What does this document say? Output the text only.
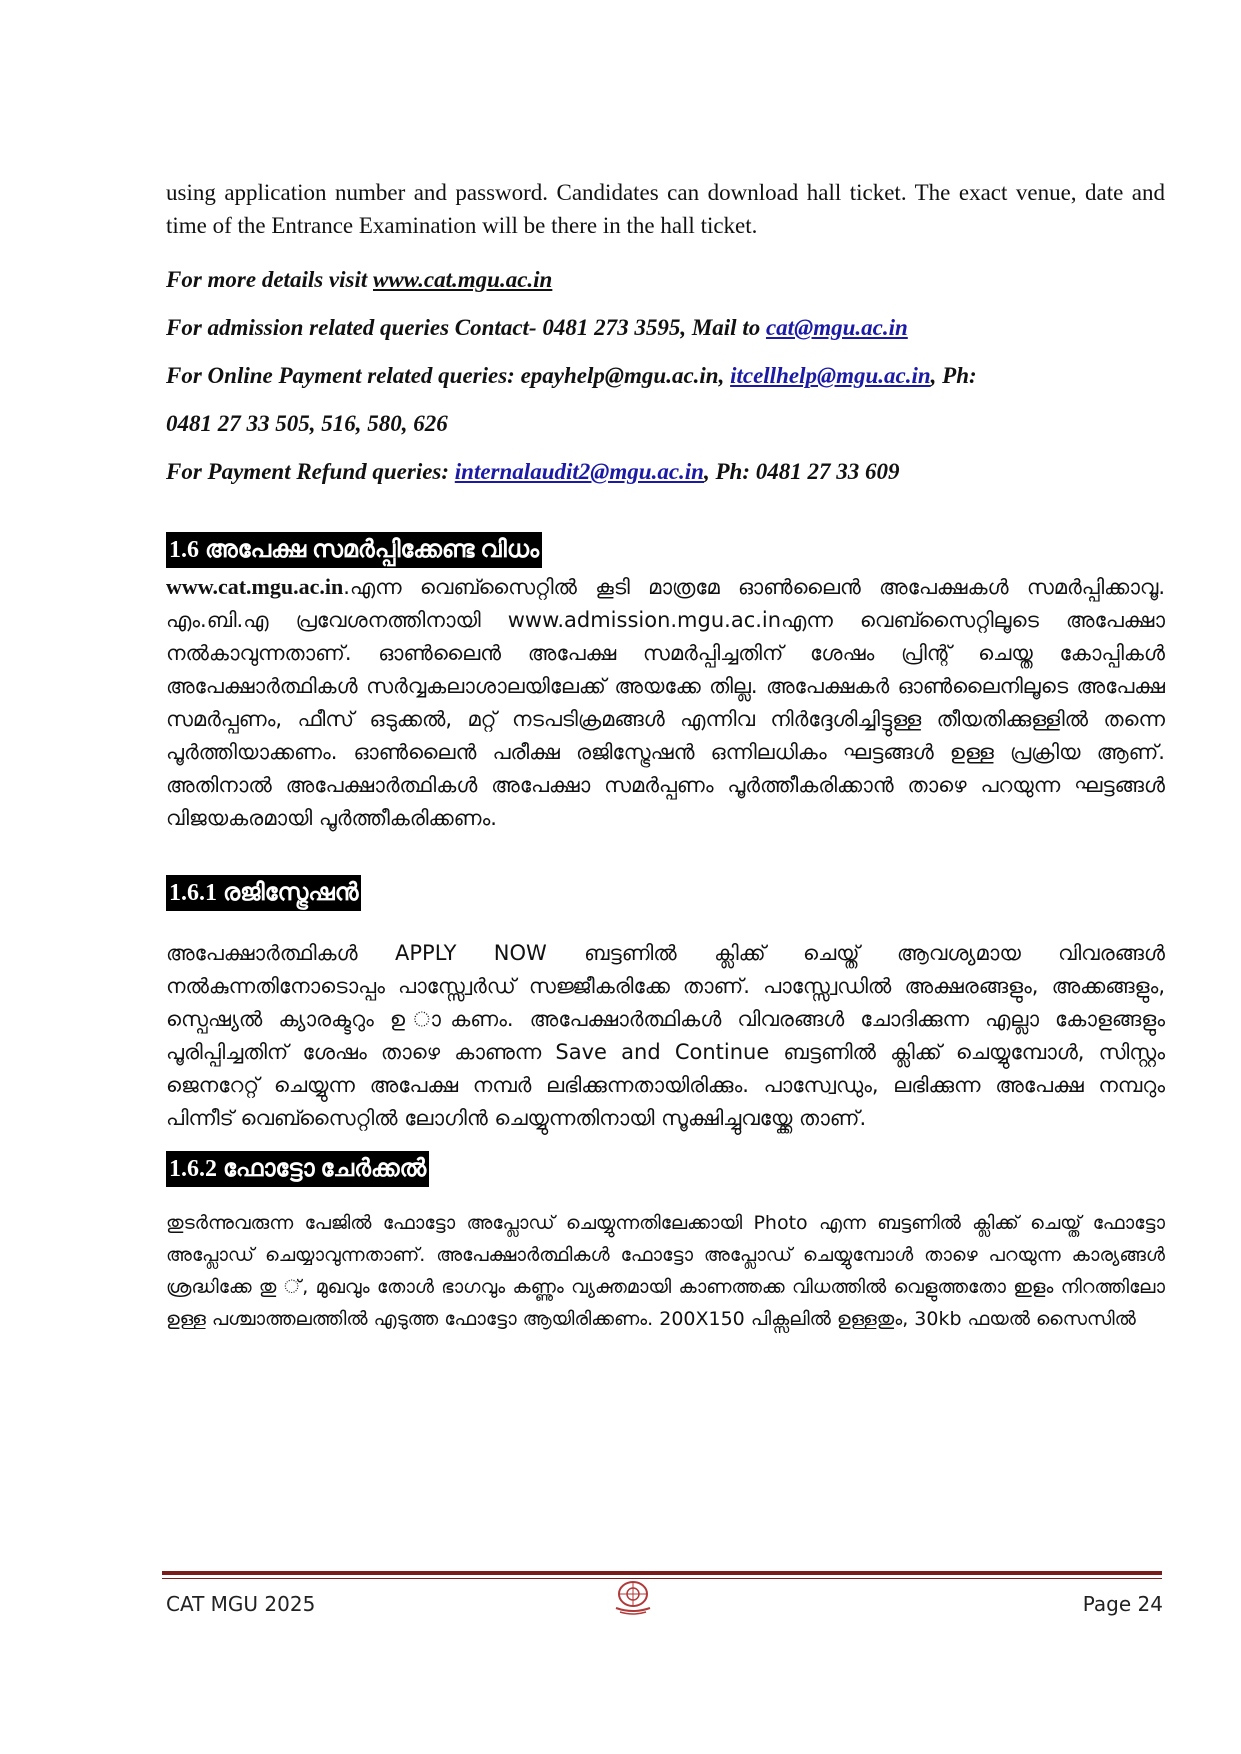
using application number and password. Candidates can download hall ticket. The exact venue, date and time of the Entrance Examination will be there in the hall ticket.

For more details visit www.cat.mgu.ac.in

For admission related queries Contact- 0481 273 3595, Mail to cat@mgu.ac.in

For Online Payment related queries: epayhelp@mgu.ac.in, itcellhelp@mgu.ac.in, Ph:

0481 27 33 505, 516, 580, 626

For Payment Refund queries: internalaudit2@mgu.ac.in, Ph: 0481 27 33 609

1.6 അപേക്ഷ സമർപ്പിക്കേണ്ട വിധം

www.cat.mgu.ac.in.എന്ന വെബ്സൈറ്റിൽ കൂടി മാത്രമേ ഓൺലൈൻ അപേക്ഷകൾ സമർപ്പിക്കാവൂ. എം.ബി.എ പ്രവേശനത്തിനായി www.admission.mgu.ac.inഎന്ന വെബ്സൈറ്റിലൂടെ അപേക്ഷാ നൽകാവുന്നതാണ്. ഓൺലൈൻ അപേക്ഷ സമർപ്പിച്ചതിന് ശേഷം പ്രിന്റ് ചെയ്ത കോപ്പികൾ അപേക്ഷാർത്ഥികൾ സർവ്വകലാശാലയിലേക്ക് അയക്കേ തില്ല. അപേക്ഷകർ ഓൺലൈനിലൂടെ അപേക്ഷ സമർപ്പണം, ഫീസ് ഒടുക്കൽ, മറ്റ് നടപടിക്രമങ്ങൾ എന്നിവ നിർദ്ദേശിച്ചിട്ടുള്ള തീയതിക്കുള്ളിൽ തന്നെ പൂർത്തിയാക്കണം. ഓൺലൈൻ പരീക്ഷ രജിസ്ട്രേഷൻ ഒന്നിലധികം ഘട്ടങ്ങൾ ഉള്ള പ്രക്രിയ ആണ്. അതിനാൽ അപേക്ഷാർത്ഥികൾ അപേക്ഷാ സമർപ്പണം പൂർത്തീകരിക്കാൻ താഴെ പറയുന്ന ഘട്ടങ്ങൾ വിജയകരമായി പൂർത്തീകരിക്കണം.

1.6.1 രജിസ്ട്രേഷൻ

അപേക്ഷാർത്ഥികൾ APPLY NOW ബട്ടണിൽ ക്ലിക്ക് ചെയ്ത് ആവശ്യമായ വിവരങ്ങൾ നൽകുന്നതിനോടൊപ്പം പാസ്സ്വേർഡ് സജ്ജീകരിക്കേ താണ്. പാസ്സ്വേഡിൽ അക്ഷരങ്ങളും, അക്കങ്ങളും, സ്പെഷ്യൽ ക്യാരക്ടറും ഉ ാകണം. അപേക്ഷാർത്ഥികൾ വിവരങ്ങൾ ചോദിക്കുന്ന എല്ലാ കോളങ്ങളും പൂരിപ്പിച്ചതിന് ശേഷം താഴെ കാണുന്ന Save and Continue ബട്ടണിൽ ക്ലിക്ക് ചെയ്യുമ്പോൾ, സിസ്റ്റം ജെനറേറ്റ് ചെയ്യുന്ന അപേക്ഷ നമ്പർ ലഭിക്കുന്നതായിരിക്കും. പാസ്വേഡും, ലഭിക്കുന്ന അപേക്ഷ നമ്പറും പിന്നീട് വെബ്സൈറ്റിൽ ലോഗിൻ ചെയ്യുന്നതിനായി സൂക്ഷിച്ചുവയ്ക്കേ താണ്.

1.6.2 ഫോട്ടോ ചേർക്കൽ

തുടർന്നുവരുന്ന പേജിൽ ഫോട്ടോ അപ്ലോഡ് ചെയ്യുന്നതിലേക്കായി Photo എന്ന ബട്ടണിൽ ക്ലിക്ക് ചെയ്ത് ഫോട്ടോ അപ്ലോഡ് ചെയ്യാവുന്നതാണ്. അപേക്ഷാർത്ഥികൾ ഫോട്ടോ അപ്ലോഡ് ചെയ്യുമ്പോൾ താഴെ പറയുന്ന കാര്യങ്ങൾ ശ്രദ്ധിക്കേ തു ്, മുഖവും തോൾ ഭാഗവും കണ്ണും വ്യക്തമായി കാണത്തക്ക വിധത്തിൽ വെളുത്തതോ ഇളം നിറത്തിലോ ഉള്ള പശ്ചാത്തലത്തിൽ എടുത്ത ഫോട്ടോ ആയിരിക്കണം. 200X150 പിക്സലിൽ ഉള്ളതും, 30kb ഫയൽ സൈസിൽ

CAT MGU 2025	Page 24
